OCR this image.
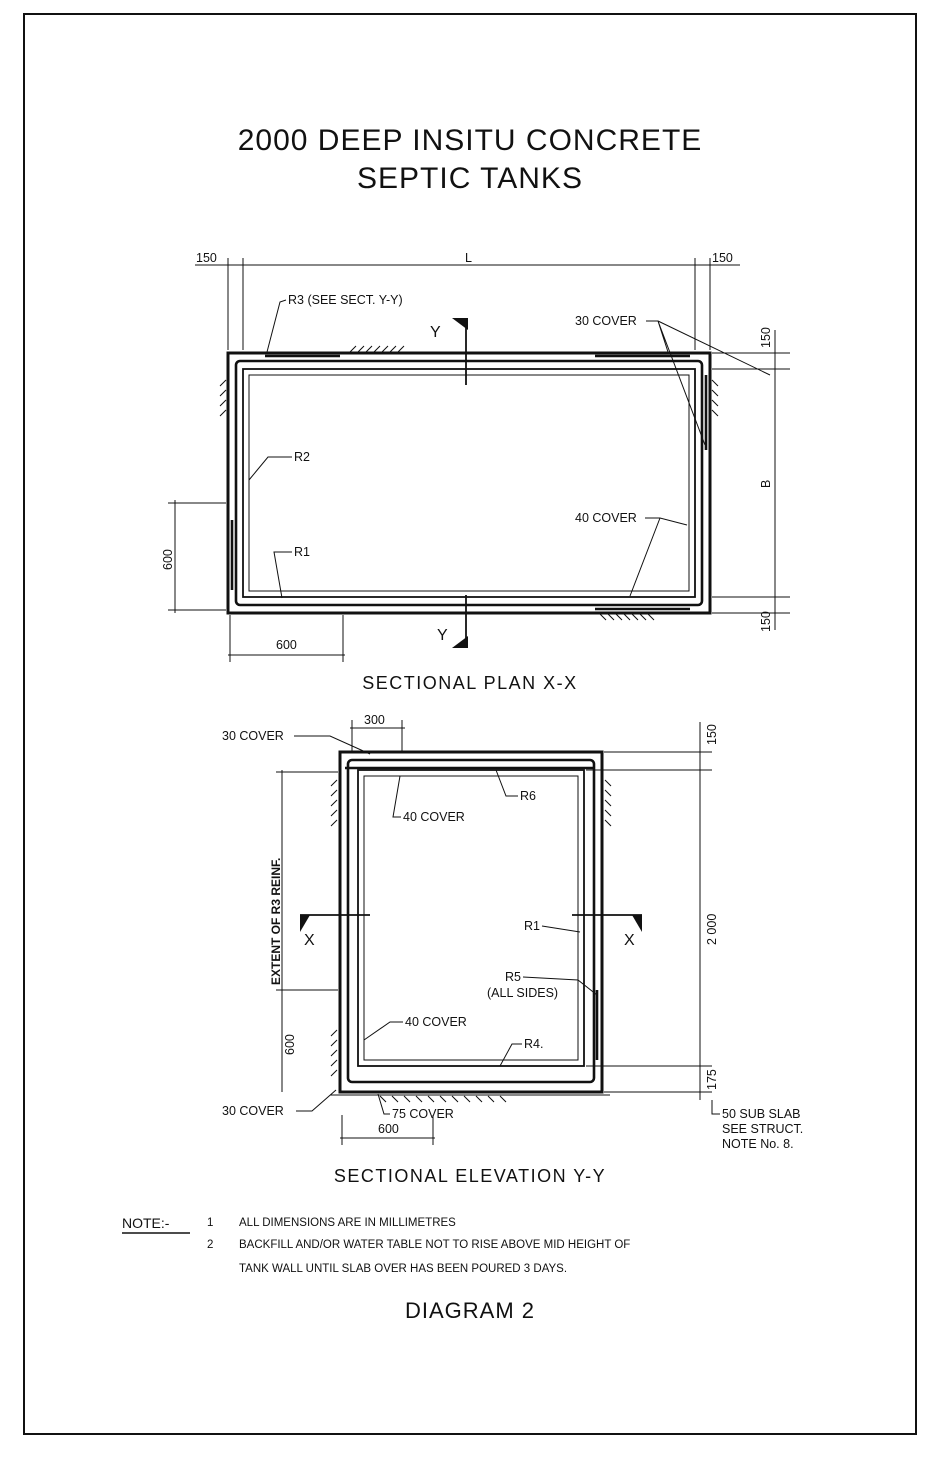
2000 DEEP INSITU CONCRETE
SEPTIC TANKS
150	L	150
150
B
150
600
600
R3 (SEE SECT. Y-Y)
30 COVER
40 COVER
R2
R1
Y
Y
SECTIONAL PLAN X-X
300
150
2 000
175
EXTENT OF R3 REINF.
600
600
30 COVER
40 COVER
R6
R1
R5
(ALL SIDES)
40 COVER
R4.
30 COVER	75 COVER	50 SUB SLAB
SEE STRUCT.
NOTE No. 8.
X	X
SECTIONAL ELEVATION Y-Y
NOTE:-	1 ALL DIMENSIONS ARE IN MILLIMETRES
2 BACKFILL AND/OR WATER TABLE NOT TO RISE ABOVE MID HEIGHT OF
TANK WALL UNTIL SLAB OVER HAS BEEN POURED 3 DAYS.
DIAGRAM 2
